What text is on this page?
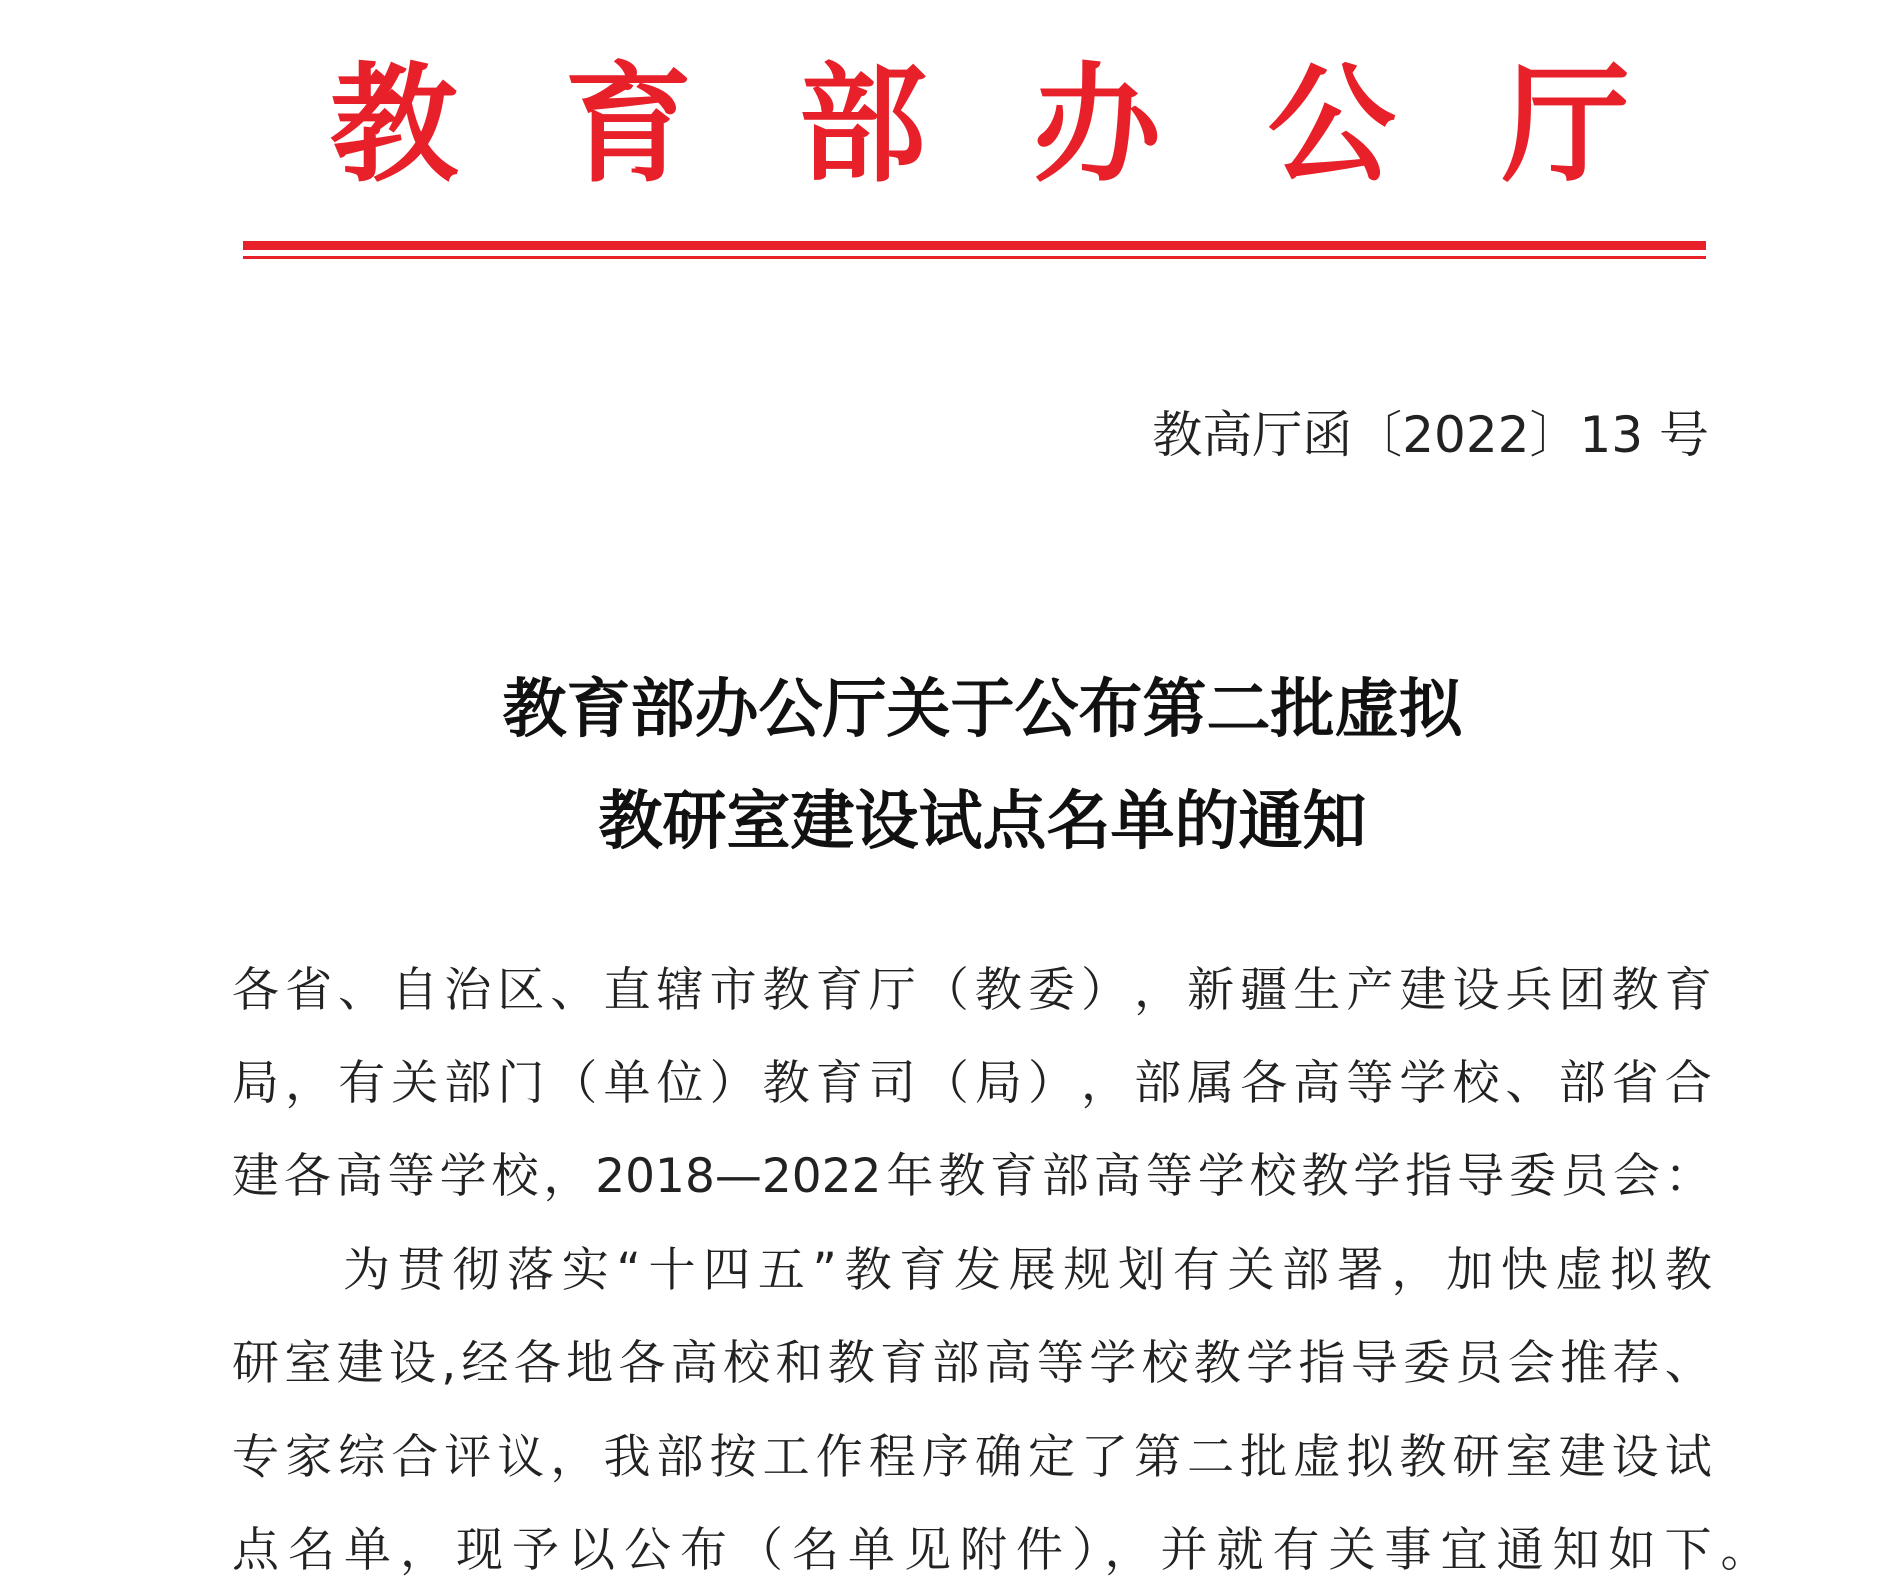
教 育 部 办 公 厅
教高厅函〔2022〕13 号
教育部办公厅关于公布第二批虚拟
教研室建设试点名单的通知
各 省 、 自 治 区 、 直 辖 市 教 育 厅 （ 教 委 ） ， 新 疆 生 产 建 设 兵 团 教 育
局 ， 有 关 部 门 （ 单 位 ） 教 育 司 （ 局 ） ， 部 属 各 高 等 学 校 、 部 省 合
建 各 高 等 学 校 ， 2018—2022 年 教 育 部 高 等 学 校 教 学 指 导 委 员 会 ：
为 贯 彻 落 实 “ 十 四 五 ” 教 育 发 展 规 划 有 关 部 署 ， 加 快 虚 拟 教
研 室 建 设 , 经 各 地 各 高 校 和 教 育 部 高 等 学 校 教 学 指 导 委 员 会 推 荐 、
专 家 综 合 评 议 ， 我 部 按 工 作 程 序 确 定 了 第 二 批 虚 拟 教 研 室 建 设 试
点名单，现予以公布（名单见附件），并就有关事宜通知如下。
